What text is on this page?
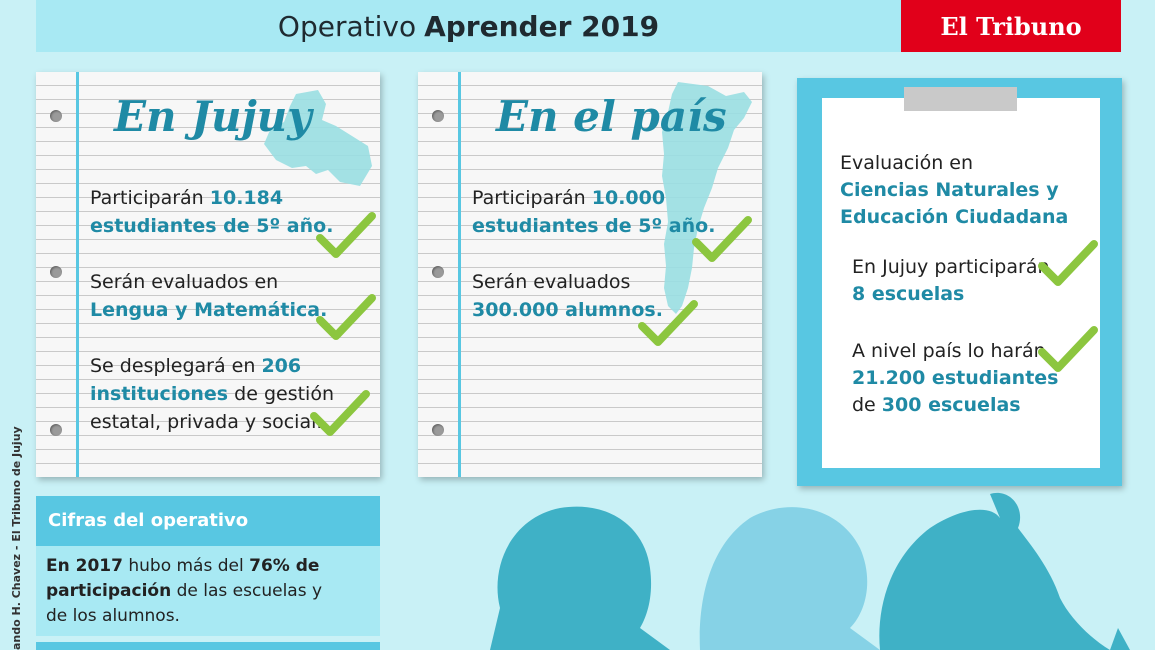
Operativo Aprender 2019	El Tribuno
ando H. Chavez - El Tribuno de Jujuy
En Jujuy
Participarán 10.184
estudiantes de 5º año.
Serán evaluados en
Lengua y Matemática.
Se desplegará en 206
instituciones de gestión
estatal, privada y social.
En el país
Participarán 10.000
estudiantes de 5º año.
Serán evaluados
300.000 alumnos.
Evaluación en
Ciencias Naturales y
Educación Ciudadana
En Jujuy participarán
8 escuelas
A nivel país lo harán
21.200 estudiantes
de 300 escuelas
Cifras del operativo
En 2017 hubo más del 76% de
participación de las escuelas y
de los alumnos.
